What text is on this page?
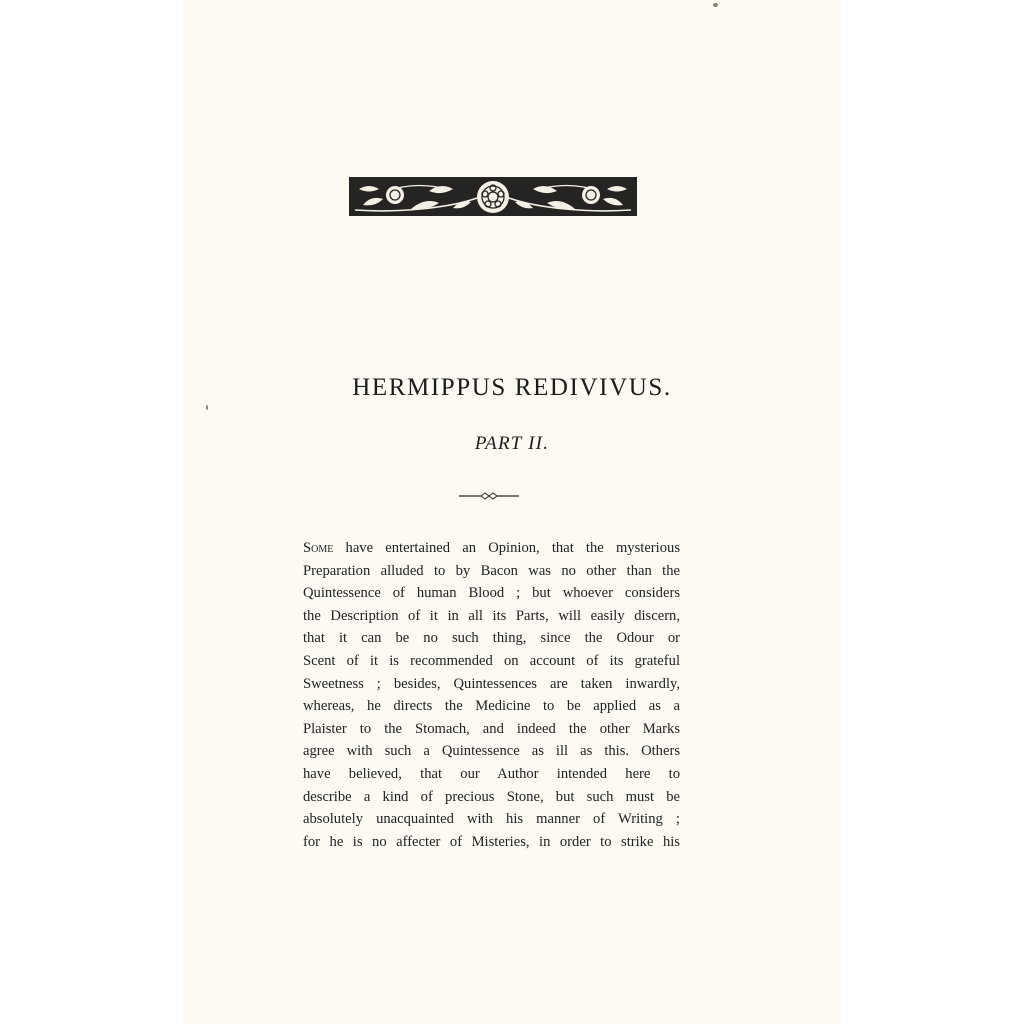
HERMIPPUS REDIVIVUS.
PART II.
Some have entertained an Opinion, that the mysterious
Preparation alluded to by Bacon was no other than the
Quintessence of human Blood ; but whoever considers
the Description of it in all its Parts, will easily discern,
that it can be no such thing, since the Odour or
Scent of it is recommended on account of its grateful
Sweetness ; besides, Quintessences are taken inwardly,
whereas, he directs the Medicine to be applied as a
Plaister to the Stomach, and indeed the other Marks
agree with such a Quintessence as ill as this. Others
have believed, that our Author intended here to
describe a kind of precious Stone, but such must be
absolutely unacquainted with his manner of Writing ;
for he is no affecter of Misteries, in order to strike his
